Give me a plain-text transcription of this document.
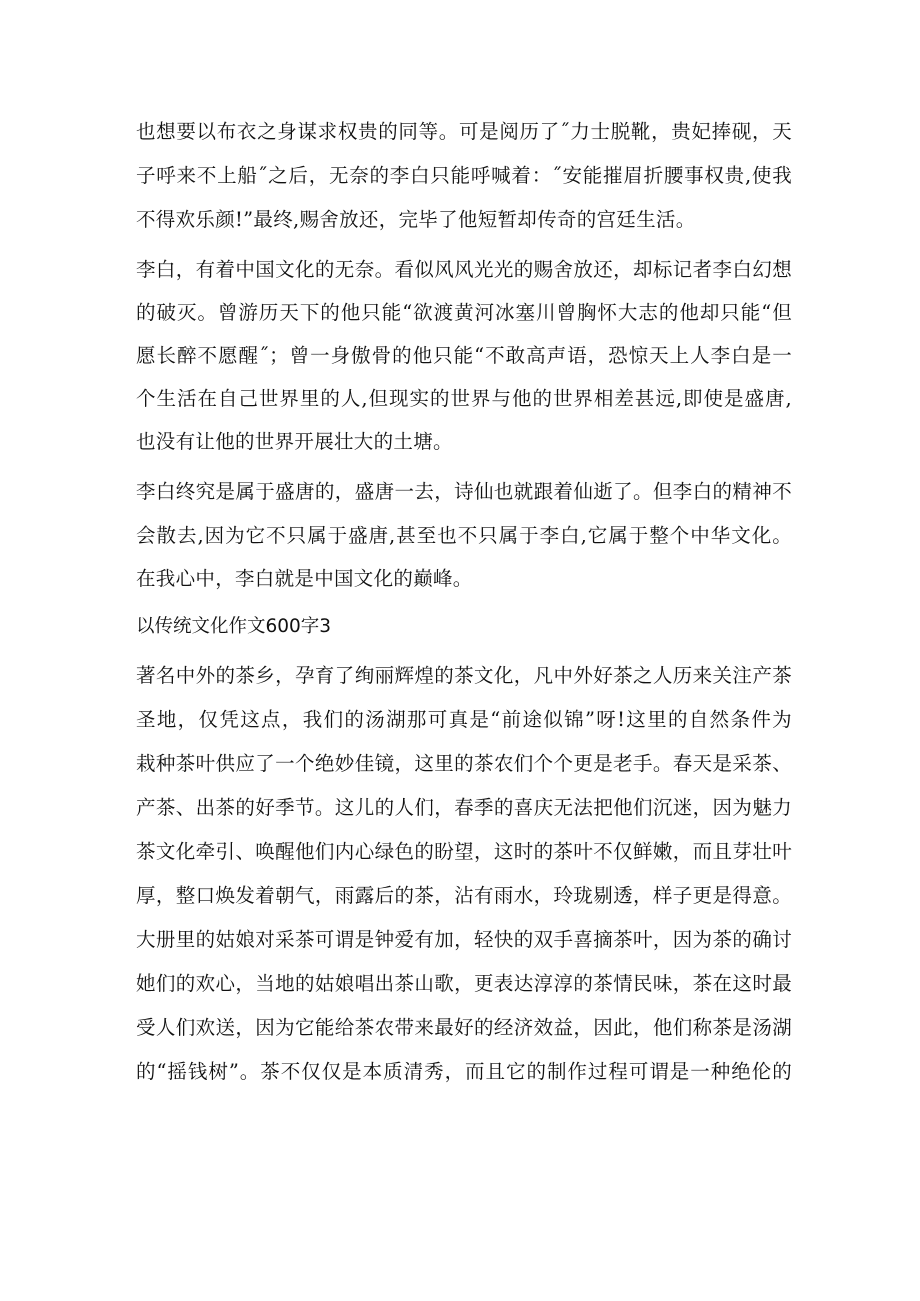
也想要以布衣之身谋求权贵的同等。可是阅历了˝力士脱靴，贵妃捧砚，天
子呼来不上船˝之后，无奈的李白只能呼喊着：˝安能摧眉折腰事权贵,使我
不得欢乐颜!”最终,赐舍放还，完毕了他短暂却传奇的宫廷生活。
李白，有着中国文化的无奈。看似风风光光的赐舍放还，却标记者李白幻想
的破灭。曾游历天下的他只能“欲渡黄河冰塞川曾胸怀大志的他却只能“但
愿长醉不愿醒˝；曾一身傲骨的他只能“不敢高声语，恐惊天上人李白是一
个生活在自己世界里的人,但现实的世界与他的世界相差甚远,即使是盛唐,
也没有让他的世界开展壮大的土塘。
李白终究是属于盛唐的，盛唐一去，诗仙也就跟着仙逝了。但李白的精神不
会散去,因为它不只属于盛唐,甚至也不只属于李白,它属于整个中华文化。
在我心中，李白就是中国文化的巅峰。
以传统文化作文600字3
著名中外的茶乡，孕育了绚丽辉煌的茶文化，凡中外好茶之人历来关注产茶
圣地，仅凭这点，我们的汤湖那可真是“前途似锦”呀!这里的自然条件为
栽种茶叶供应了一个绝妙佳镜，这里的茶农们个个更是老手。春天是采茶、
产茶、出茶的好季节。这儿的人们，春季的喜庆无法把他们沉迷，因为魅力
茶文化牵引、唤醒他们内心绿色的盼望，这时的茶叶不仅鲜嫩，而且芽壮叶
厚，整口焕发着朝气，雨露后的茶，沾有雨水，玲珑剔透，样子更是得意。
大册里的姑娘对采茶可谓是钟爱有加，轻快的双手喜摘茶叶，因为茶的确讨
她们的欢心，当地的姑娘唱出茶山歌，更表达淳淳的茶情民味，茶在这时最
受人们欢送，因为它能给茶农带来最好的经济效益，因此，他们称茶是汤湖
的“摇钱树”。茶不仅仅是本质清秀，而且它的制作过程可谓是一种绝伦的
